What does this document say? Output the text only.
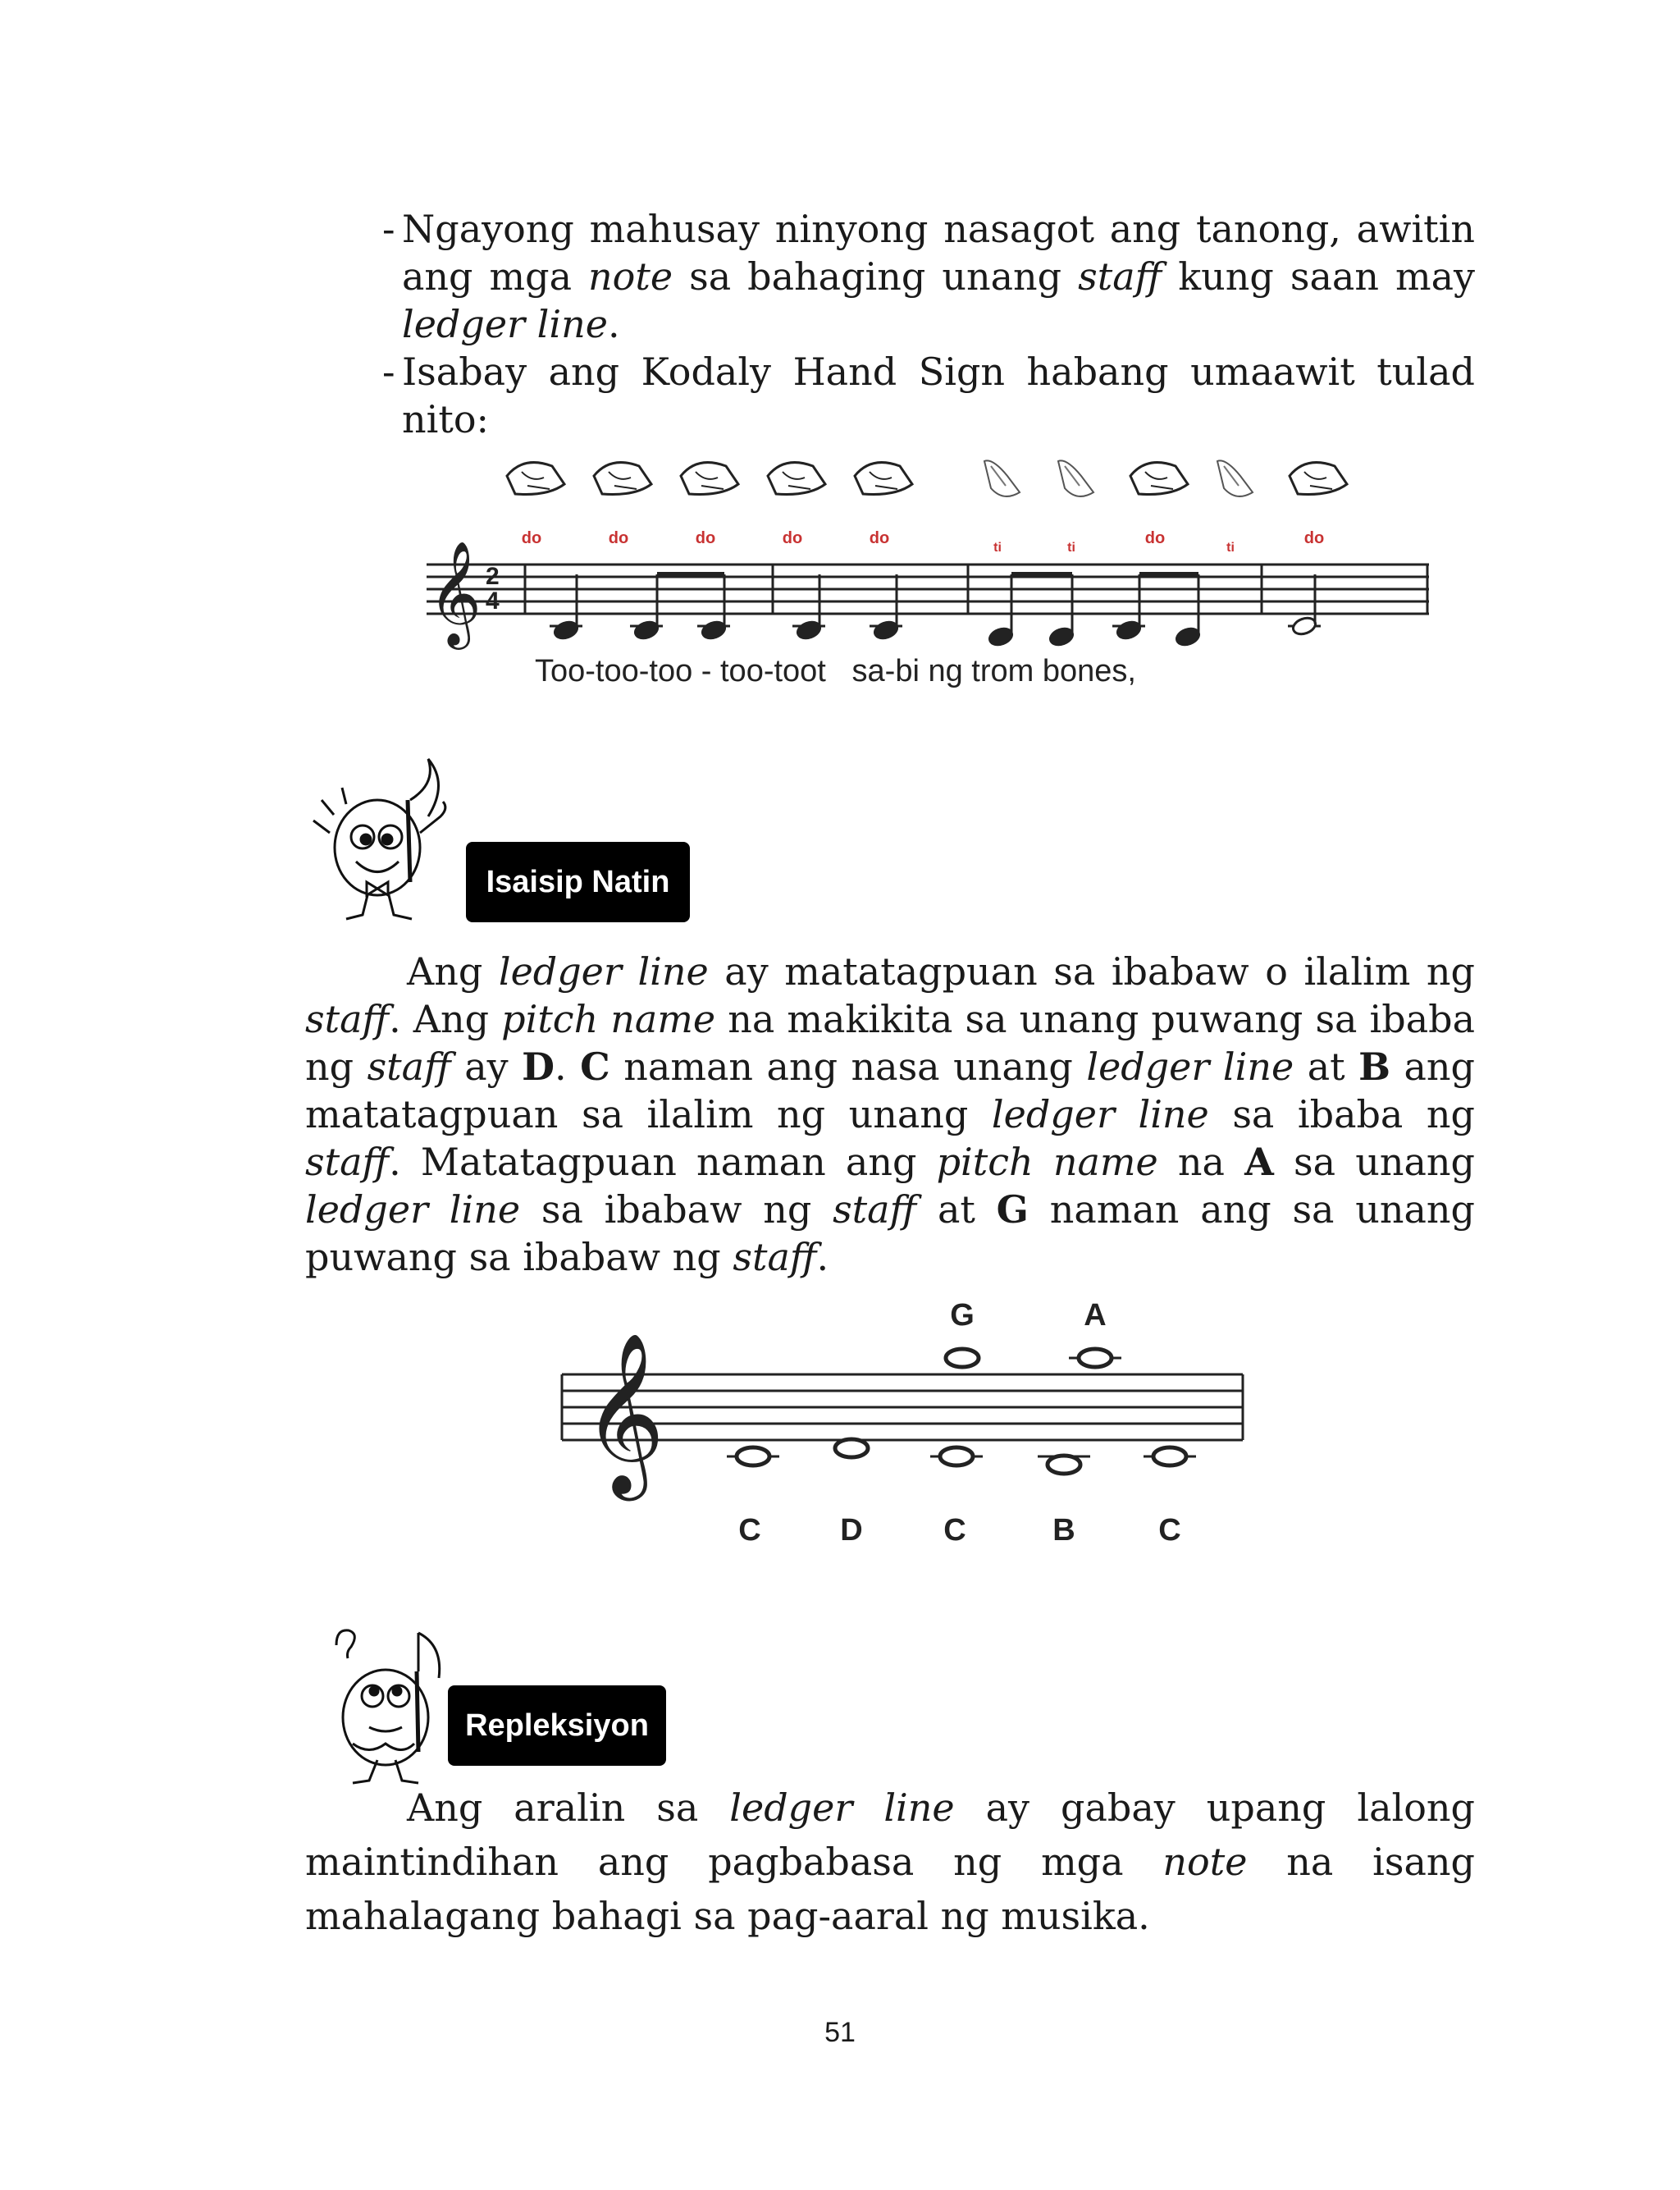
- Ngayong mahusay ninyong nasagot ang tanong, awitin ang mga note sa bahaging unang staff kung saan may ledger line.
- Isabay ang Kodaly Hand Sign habang umaawit tulad nito:
do	do	do	do	do
ti	ti
do
ti
do
𝄞 2
4
Too-too-too - too-toot   sa-bi ng trom bones,
Isaisip Natin
Ang ledger line ay matatagpuan sa ibabaw o ilalim ng staff. Ang pitch name na makikita sa unang puwang sa ibaba ng staff ay D. C naman ang nasa unang ledger line at B ang matatagpuan sa ilalim ng unang ledger line sa ibaba ng staff. Matatagpuan naman ang pitch name na A sa unang ledger line sa ibabaw ng staff at G naman ang sa unang puwang sa ibabaw ng staff.
𝄞
G	A
C	D	C	B	C
Repleksiyon
Ang aralin sa ledger line ay gabay upang lalong maintindihan ang pagbabasa ng mga note na isang mahalagang bahagi sa pag-aaral ng musika.
51
